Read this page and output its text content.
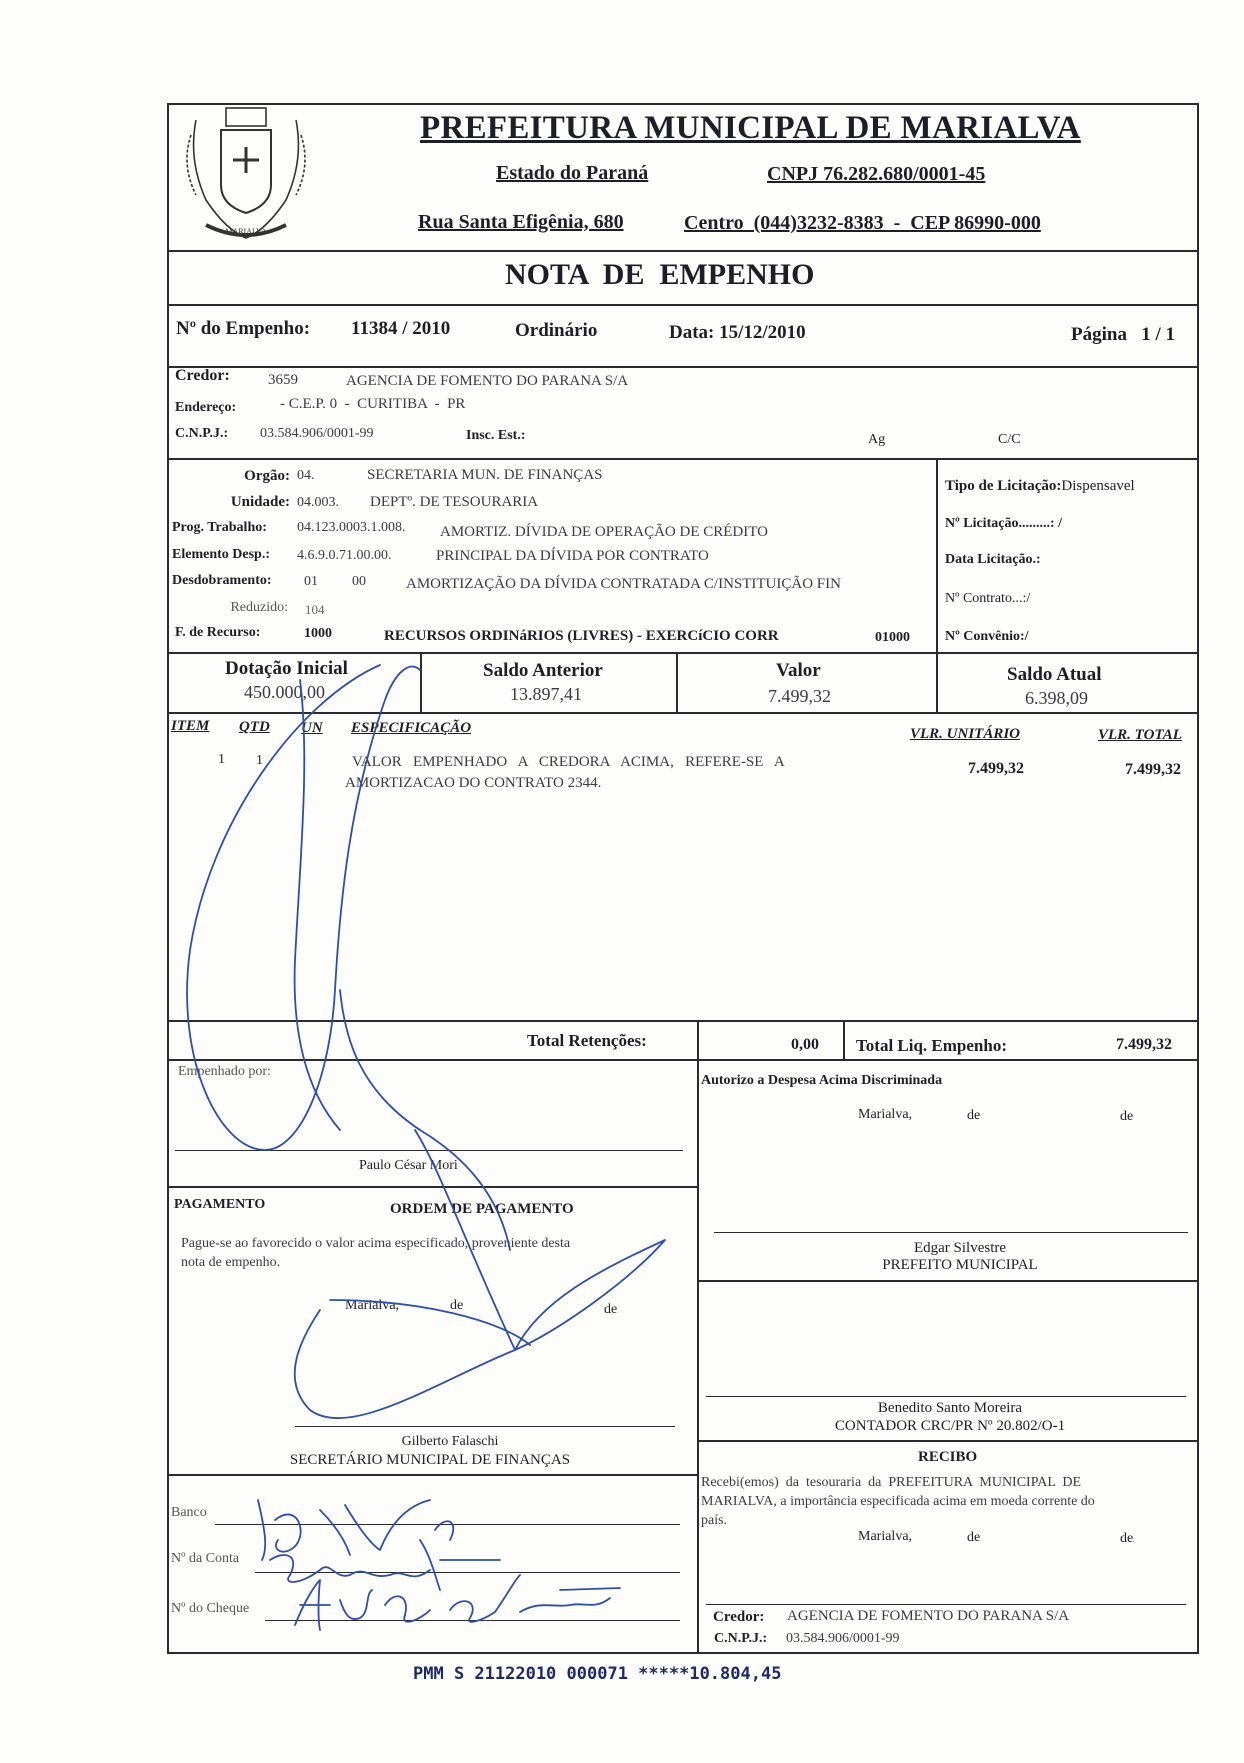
MARIALVA
PREFEITURA MUNICIPAL DE MARIALVA
Estado do Paraná	CNPJ 76.282.680/0001-45
Rua Santa Efigênia, 680	Centro  (044)3232-8383  -  CEP 86990-000
NOTA  DE  EMPENHO
Nº do Empenho: 11384 / 2010	Ordinário	Data: 15/12/2010	Página   1 / 1
Credor:	3659	AGENCIA DE FOMENTO DO PARANA S/A
Endereço:	- C.E.P. 0  -  CURITIBA  -  PR
C.N.P.J.: 03.584.906/0001-99	Insc. Est.:	Ag	C/C
Orgão: 04.	SECRETARIA MUN. DE FINANÇAS
Unidade: 04.003. DEPTº. DE TESOURARIA
Prog. Trabalho: 04.123.0003.1.008. AMORTIZ. DÍVIDA DE OPERAÇÃO DE CRÉDITO
Elemento Desp.: 4.6.9.0.71.00.00.	PRINCIPAL DA DÍVIDA POR CONTRATO
Desdobramento: 01 00	AMORTIZAÇÃO DA DÍVIDA CONTRATADA C/INSTITUIÇÃO FIN
Reduzido: 104
F. de Recurso:	1000	RECURSOS ORDINáRIOS (LIVRES) - EXERCíCIO CORR	01000
Tipo de Licitação:Dispensavel
Nº Licitação.........: /
Data Licitação.:
Nº Contrato...:/
Nº Convênio:/
Dotação Inicial
450.000,00
Saldo Anterior
13.897,41
Valor
7.499,32
Saldo Atual
6.398,09
ITEM QTD UN ESPECIFICAÇÃO	VLR. UNITÁRIO	VLR. TOTAL
1 1	VALOR   EMPENHADO   A   CREDORA   ACIMA,   REFERE-SE   A
AMORTIZACAO DO CONTRATO 2344.
7.499,32	7.499,32
Total Retenções:	0,00 Total Liq. Empenho:	7.499,32
Empenhado por:
Paulo César Mori
PAGAMENTO	ORDEM DE PAGAMENTO
Pague-se ao favorecido o valor acima especificado, proveniente desta
nota de empenho.
Marialva,	de	de
Gilberto Falaschi
SECRETÁRIO MUNICIPAL DE FINANÇAS
Banco
Nº da Conta
Nº do Cheque
Autorizo a Despesa Acima Discriminada
Marialva,	de	de
Edgar Silvestre
PREFEITO MUNICIPAL
Benedito Santo Moreira
CONTADOR CRC/PR Nº 20.802/O-1
RECIBO
Recebi(emos)  da  tesouraria  da  PREFEITURA  MUNICIPAL  DE
MARIALVA, a importância especificada acima em moeda corrente do
país.
Marialva,	de	de
Credor: AGENCIA DE FOMENTO DO PARANA S/A
C.N.P.J.: 03.584.906/0001-99
PMM S 21122010 000071 *****10.804,45
